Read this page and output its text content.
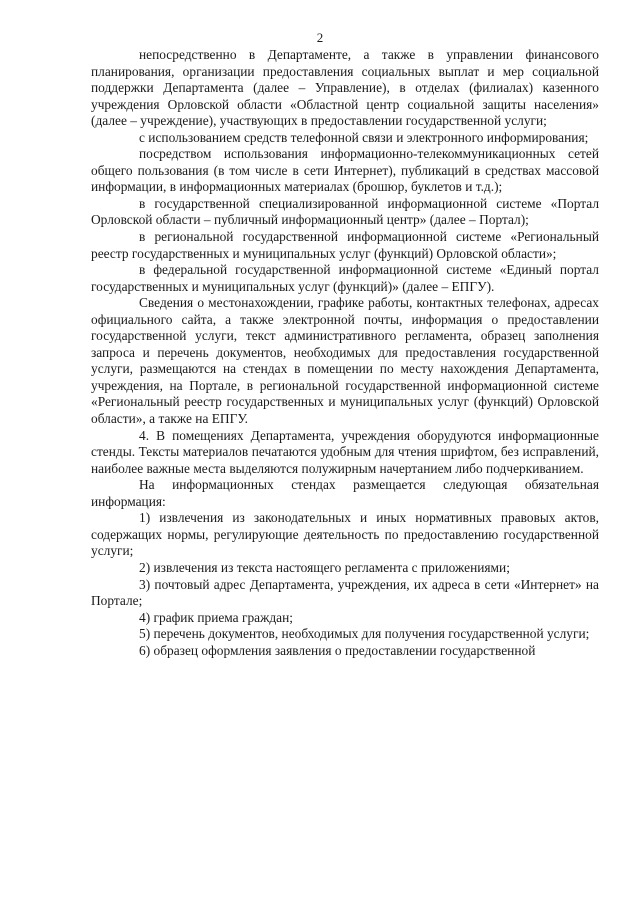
2

непосредственно в Департаменте, а также в управлении финансового планирования, организации предоставления социальных выплат и мер социальной поддержки Департамента (далее – Управление), в отделах (филиалах) казенного учреждения Орловской области «Областной центр социальной защиты населения» (далее – учреждение), участвующих в предоставлении государственной услуги;

с использованием средств телефонной связи и электронного информирования;

посредством использования информационно-телекоммуникационных сетей общего пользования (в том числе в сети Интернет), публикаций в средствах массовой информации, в информационных материалах (брошюр, буклетов и т.д.);

в государственной специализированной информационной системе «Портал Орловской области – публичный информационный центр» (далее – Портал);

в региональной государственной информационной системе «Региональный реестр государственных и муниципальных услуг (функций) Орловской области»;

в федеральной государственной информационной системе «Единый портал государственных и муниципальных услуг (функций)» (далее – ЕПГУ).

Сведения о местонахождении, графике работы, контактных телефонах, адресах официального сайта, а также электронной почты, информация о предоставлении государственной услуги, текст административного регламента, образец заполнения запроса и перечень документов, необходимых для предоставления государственной услуги, размещаются на стендах в помещении по месту нахождения Департамента, учреждения, на Портале, в региональной государственной информационной системе «Региональный реестр государственных и муниципальных услуг (функций) Орловской области», а также на ЕПГУ.

4. В помещениях Департамента, учреждения оборудуются информационные стенды. Тексты материалов печатаются удобным для чтения шрифтом, без исправлений, наиболее важные места выделяются полужирным начертанием либо подчеркиванием.

На информационных стендах размещается следующая обязательная информация:

1) извлечения из законодательных и иных нормативных правовых актов, содержащих нормы, регулирующие деятельность по предоставлению государственной услуги;

2) извлечения из текста настоящего регламента с приложениями;

3) почтовый адрес Департамента, учреждения, их адреса в сети «Интернет» на Портале;

4) график приема граждан;

5) перечень документов, необходимых для получения государственной услуги;

6) образец оформления заявления о предоставлении государственной
